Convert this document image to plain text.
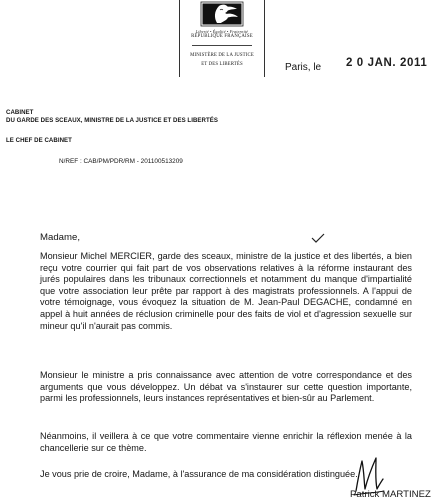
Liberté • Égalité • Fraternité
RÉPUBLIQUE FRANÇAISE
MINISTÈRE DE LA JUSTICE
ET DES LIBERTÉS	Paris, le 2 0 JAN. 2011
CABINET
DU GARDE DES SCEAUX, MINISTRE DE LA JUSTICE ET DES LIBERTÉS
LE CHEF DE CABINET
N/REF : CAB/PM/PDR/RM - 201100513209
Madame,

Monsieur Michel MERCIER, garde des sceaux, ministre de la justice et des libertés, a bien reçu votre courrier qui fait part de vos observations relatives à la réforme instaurant des jurés populaires dans les tribunaux correctionnels et notamment du manque d'impartialité que votre association leur prête par rapport à des magistrats professionnels. A l'appui de votre témoignage, vous évoquez la situation de M. Jean-Paul DEGACHE, condamné en appel à huit années de réclusion criminelle pour des faits de viol et d'agression sexuelle sur mineur qu'il n'aurait pas commis.

Monsieur le ministre a pris connaissance avec attention de votre correspondance et des arguments que vous développez. Un débat va s'instaurer sur cette question importante, parmi les professionnels, leurs instances représentatives et bien-sûr au Parlement.

Néanmoins, il veillera à ce que votre commentaire vienne enrichir la réflexion menée à la chancellerie sur ce thème.

Je vous prie de croire, Madame, à l'assurance de ma considération distinguée.

Patrick MARTINEZ
